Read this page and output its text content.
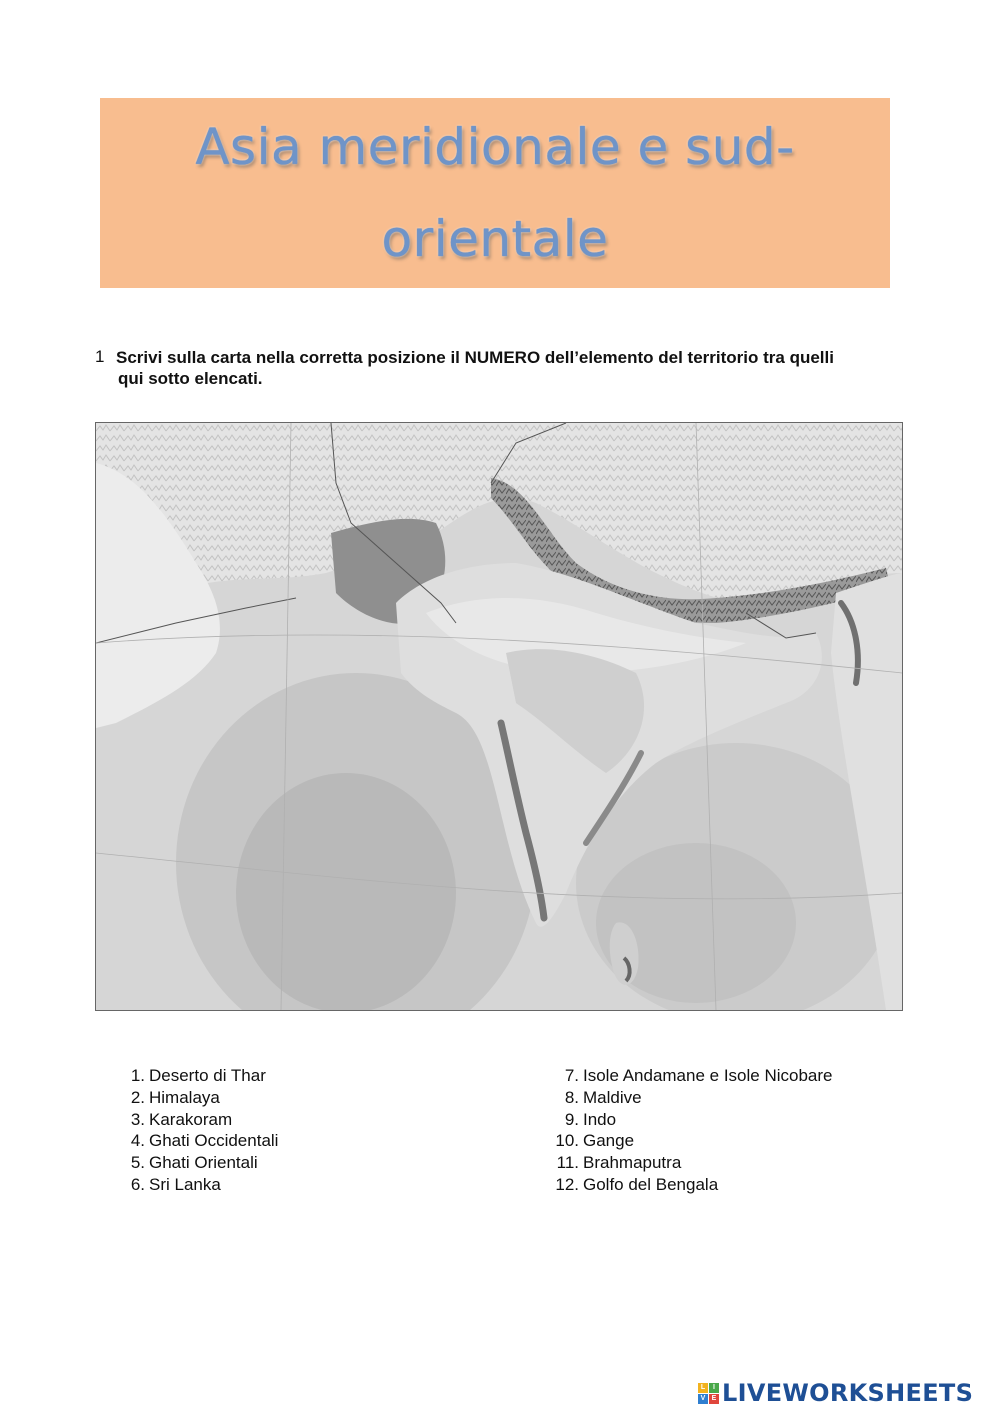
Asia meridionale e sud-
orientale
1 Scrivi sulla carta nella corretta posizione il NUMERO dell’elemento del territorio tra quelli
qui sotto elencati.
1. Deserto di Thar
2. Himalaya
3. Karakoram
4. Ghati Occidentali
5. Ghati Orientali
6. Sri Lanka
7. Isole Andamane e Isole Nicobare
8. Maldive
9. Indo
10. Gange
11. Brahmaputra
12. Golfo del Bengala
L	I
V E LIVEWORKSHEETS
